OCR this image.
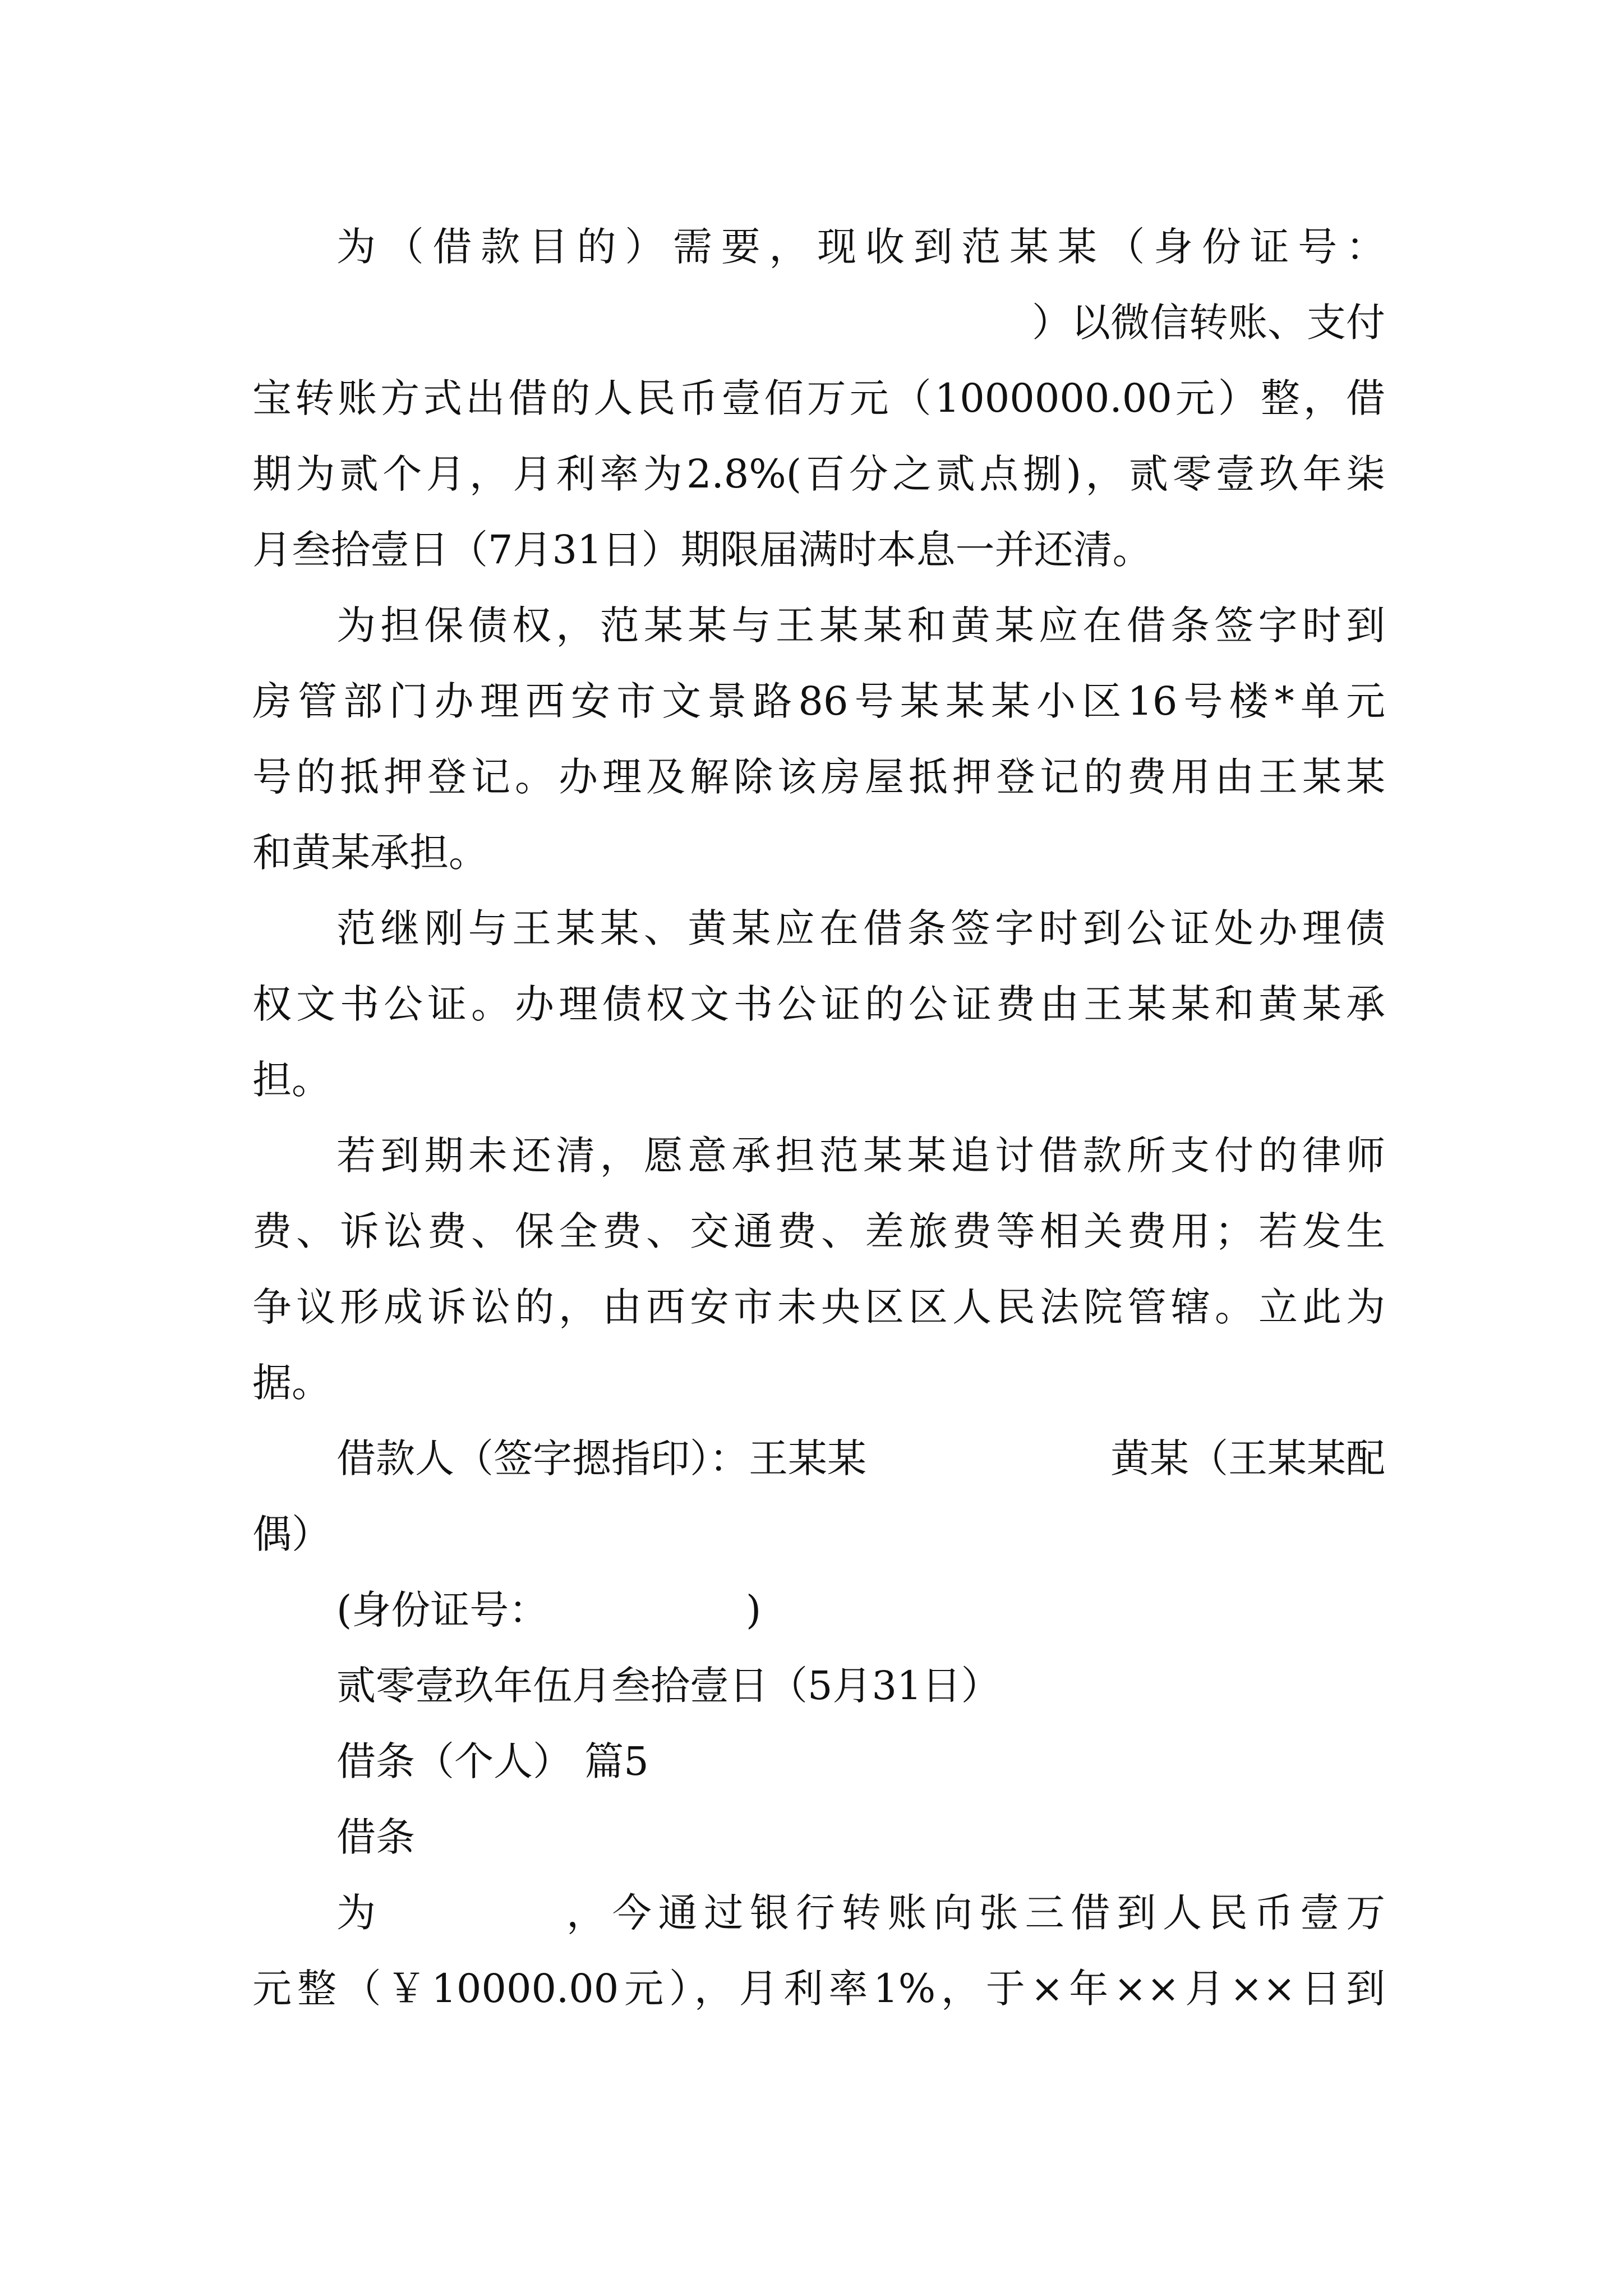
为（借款目的）需要，现收到范某某（身份证号：
）以微信转账、支付
宝转账方式出借的人民币壹佰万元（1000000.00元）整，借
期为贰个月，月利率为2.8%(百分之贰点捌)，贰零壹玖年柒
月叁拾壹日（7月31日）期限届满时本息一并还清。
为担保债权，范某某与王某某和黄某应在借条签字时到
房管部门办理西安市文景路86号某某某小区16号楼*单元
号的抵押登记。办理及解除该房屋抵押登记的费用由王某某
和黄某承担。
范继刚与王某某、黄某应在借条签字时到公证处办理债
权文书公证。办理债权文书公证的公证费由王某某和黄某承
担。
若到期未还清，愿意承担范某某追讨借款所支付的律师
费、诉讼费、保全费、交通费、差旅费等相关费用；若发生
争议形成诉讼的，由西安市未央区区人民法院管辖。立此为
据。
借款人（签字摁指印）：王某某	黄某（王某某配
偶）
(身份证号：	)
贰零壹玖年伍月叁拾壹日（5月31日）
借条（个人） 篇5
借条
为	，今通过银行转账向张三借到人民币壹万
元整（￥10000.00元），月利率1%，于×年××月××日到
